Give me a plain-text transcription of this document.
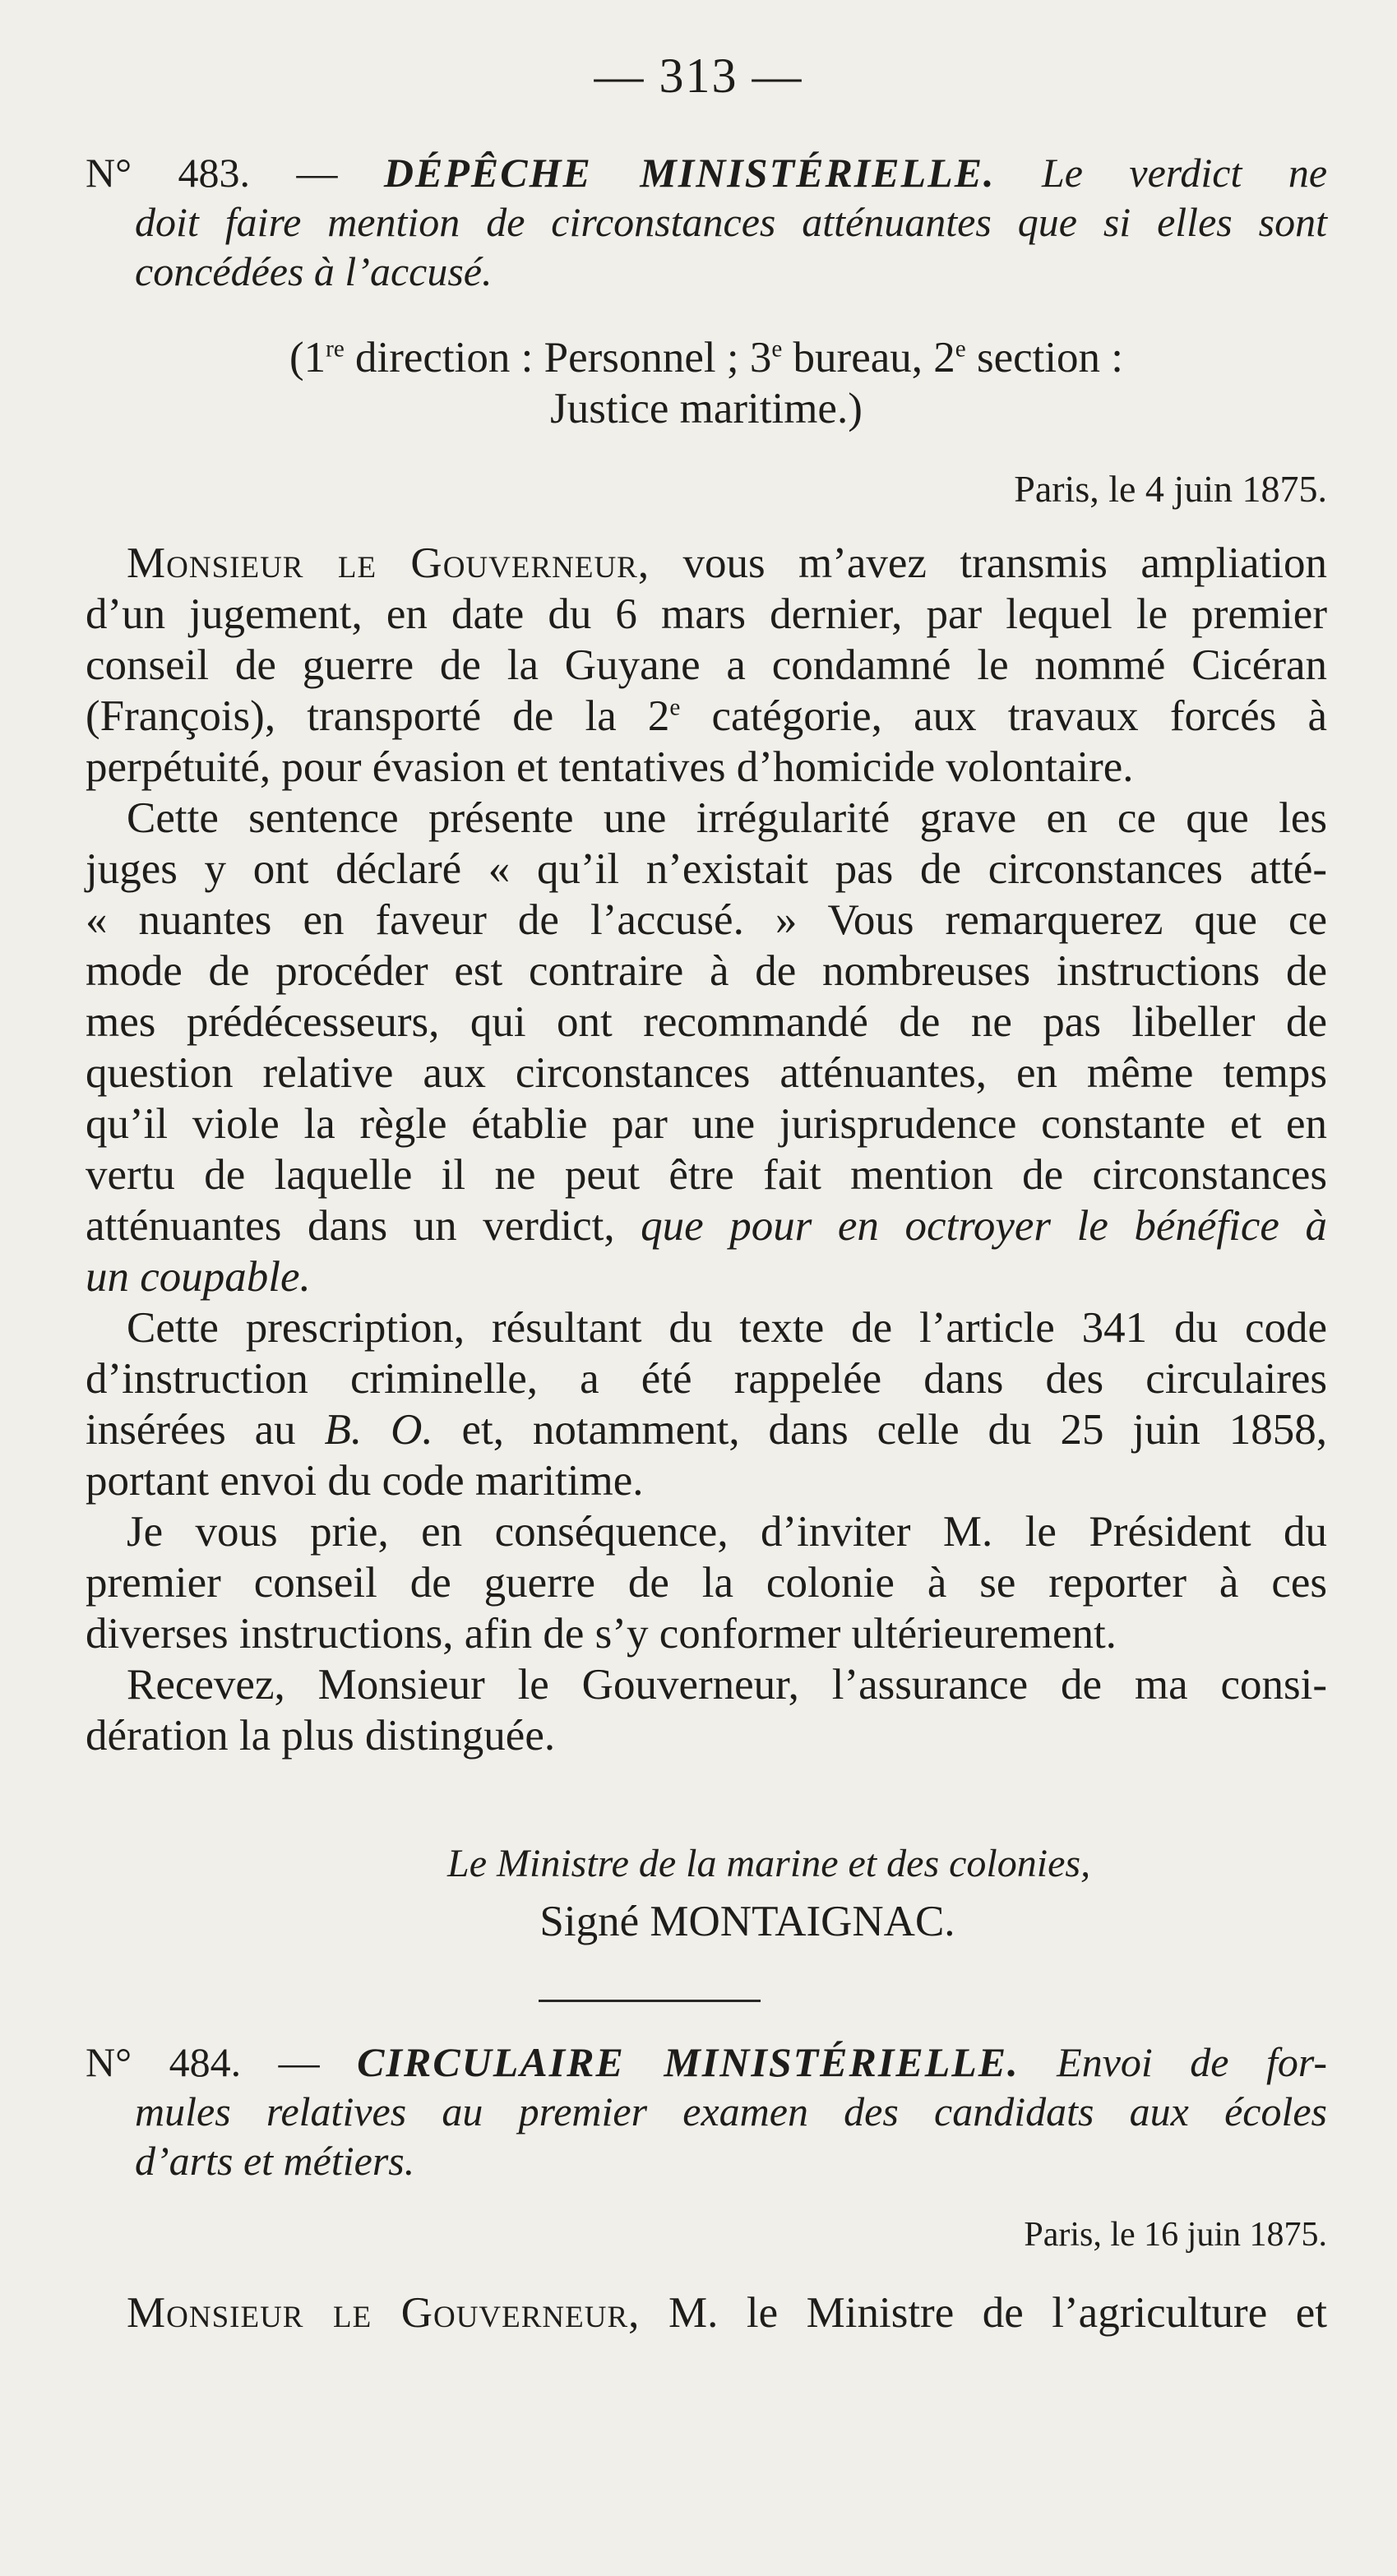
— 313 —
N° 483. — DÉPÊCHE MINISTÉRIELLE. Le verdict ne
doit faire mention de circonstances atténuantes que si elles sont
concédées à l’accusé.
(1re direction : Personnel ; 3e bureau, 2e section :
Justice maritime.)
Paris, le 4 juin 1875.
Monsieur le Gouverneur, vous m’avez transmis ampliation
d’un jugement, en date du 6 mars dernier, par lequel le premier
conseil de guerre de la Guyane a condamné le nommé Cicéran
(François), transporté de la 2e catégorie, aux travaux forcés à
perpétuité, pour évasion et tentatives d’homicide volontaire.
Cette sentence présente une irrégularité grave en ce que les
juges y ont déclaré « qu’il n’existait pas de circonstances atté-
« nuantes en faveur de l’accusé. » Vous remarquerez que ce
mode de procéder est contraire à de nombreuses instructions de
mes prédécesseurs, qui ont recommandé de ne pas libeller de
question relative aux circonstances atténuantes, en même temps
qu’il viole la règle établie par une jurisprudence constante et en
vertu de laquelle il ne peut être fait mention de circonstances
atténuantes dans un verdict, que pour en octroyer le bénéfice à
un coupable.
Cette prescription, résultant du texte de l’article 341 du code
d’instruction criminelle, a été rappelée dans des circulaires
insérées au B. O. et, notamment, dans celle du 25 juin 1858,
portant envoi du code maritime.
Je vous prie, en conséquence, d’inviter M. le Président du
premier conseil de guerre de la colonie à se reporter à ces
diverses instructions, afin de s’y conformer ultérieurement.
Recevez, Monsieur le Gouverneur, l’assurance de ma consi-
dération la plus distinguée.
Le Ministre de la marine et des colonies,
Signé MONTAIGNAC.
N° 484. — CIRCULAIRE MINISTÉRIELLE. Envoi de for-
mules relatives au premier examen des candidats aux écoles
d’arts et métiers.
Paris, le 16 juin 1875.
Monsieur le Gouverneur, M. le Ministre de l’agriculture et
